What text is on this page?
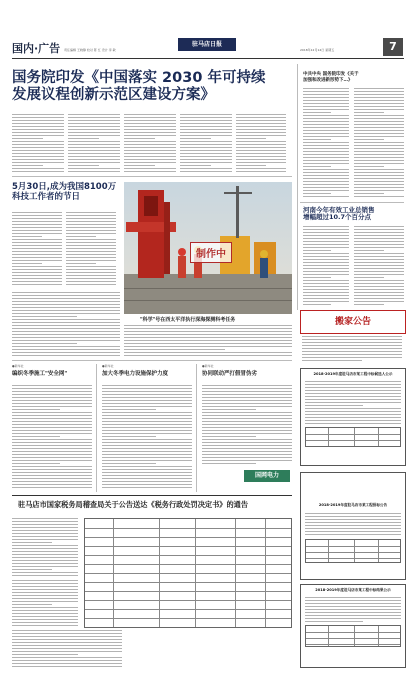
国内·广告	驻马店日报
责任编辑 王晓静 校对 陈 红 设计 李 敏	2018年12月14日 星期五	7
国务院印发《中国落实 2030 年可持续
发展议程创新示范区建设方案》
中共中央 国务院印发《关于
加强和改进新形势下…》
河南今年有效工业总销售
增幅超过10.7个百分点
搬家公告
5月30日,成为我国8100万
科技工作者的节日
制作中
"科学"号在西太平洋执行深海探测科考任务
●新华社
编织冬季施工"安全网"
●新华社
加大冬季电力设施保护力度
●新华社
协同联动严打假冒伪劣
国网电力
驻马店市国家税务局稽查局关于公告送达《税务行政处罚决定书》的通告
2018-2019年度驻马店市某工程中标候选人公示
2018-2019年度驻马店市某工程招标公告
2018-2019年度驻马店市某工程中标结果公示
